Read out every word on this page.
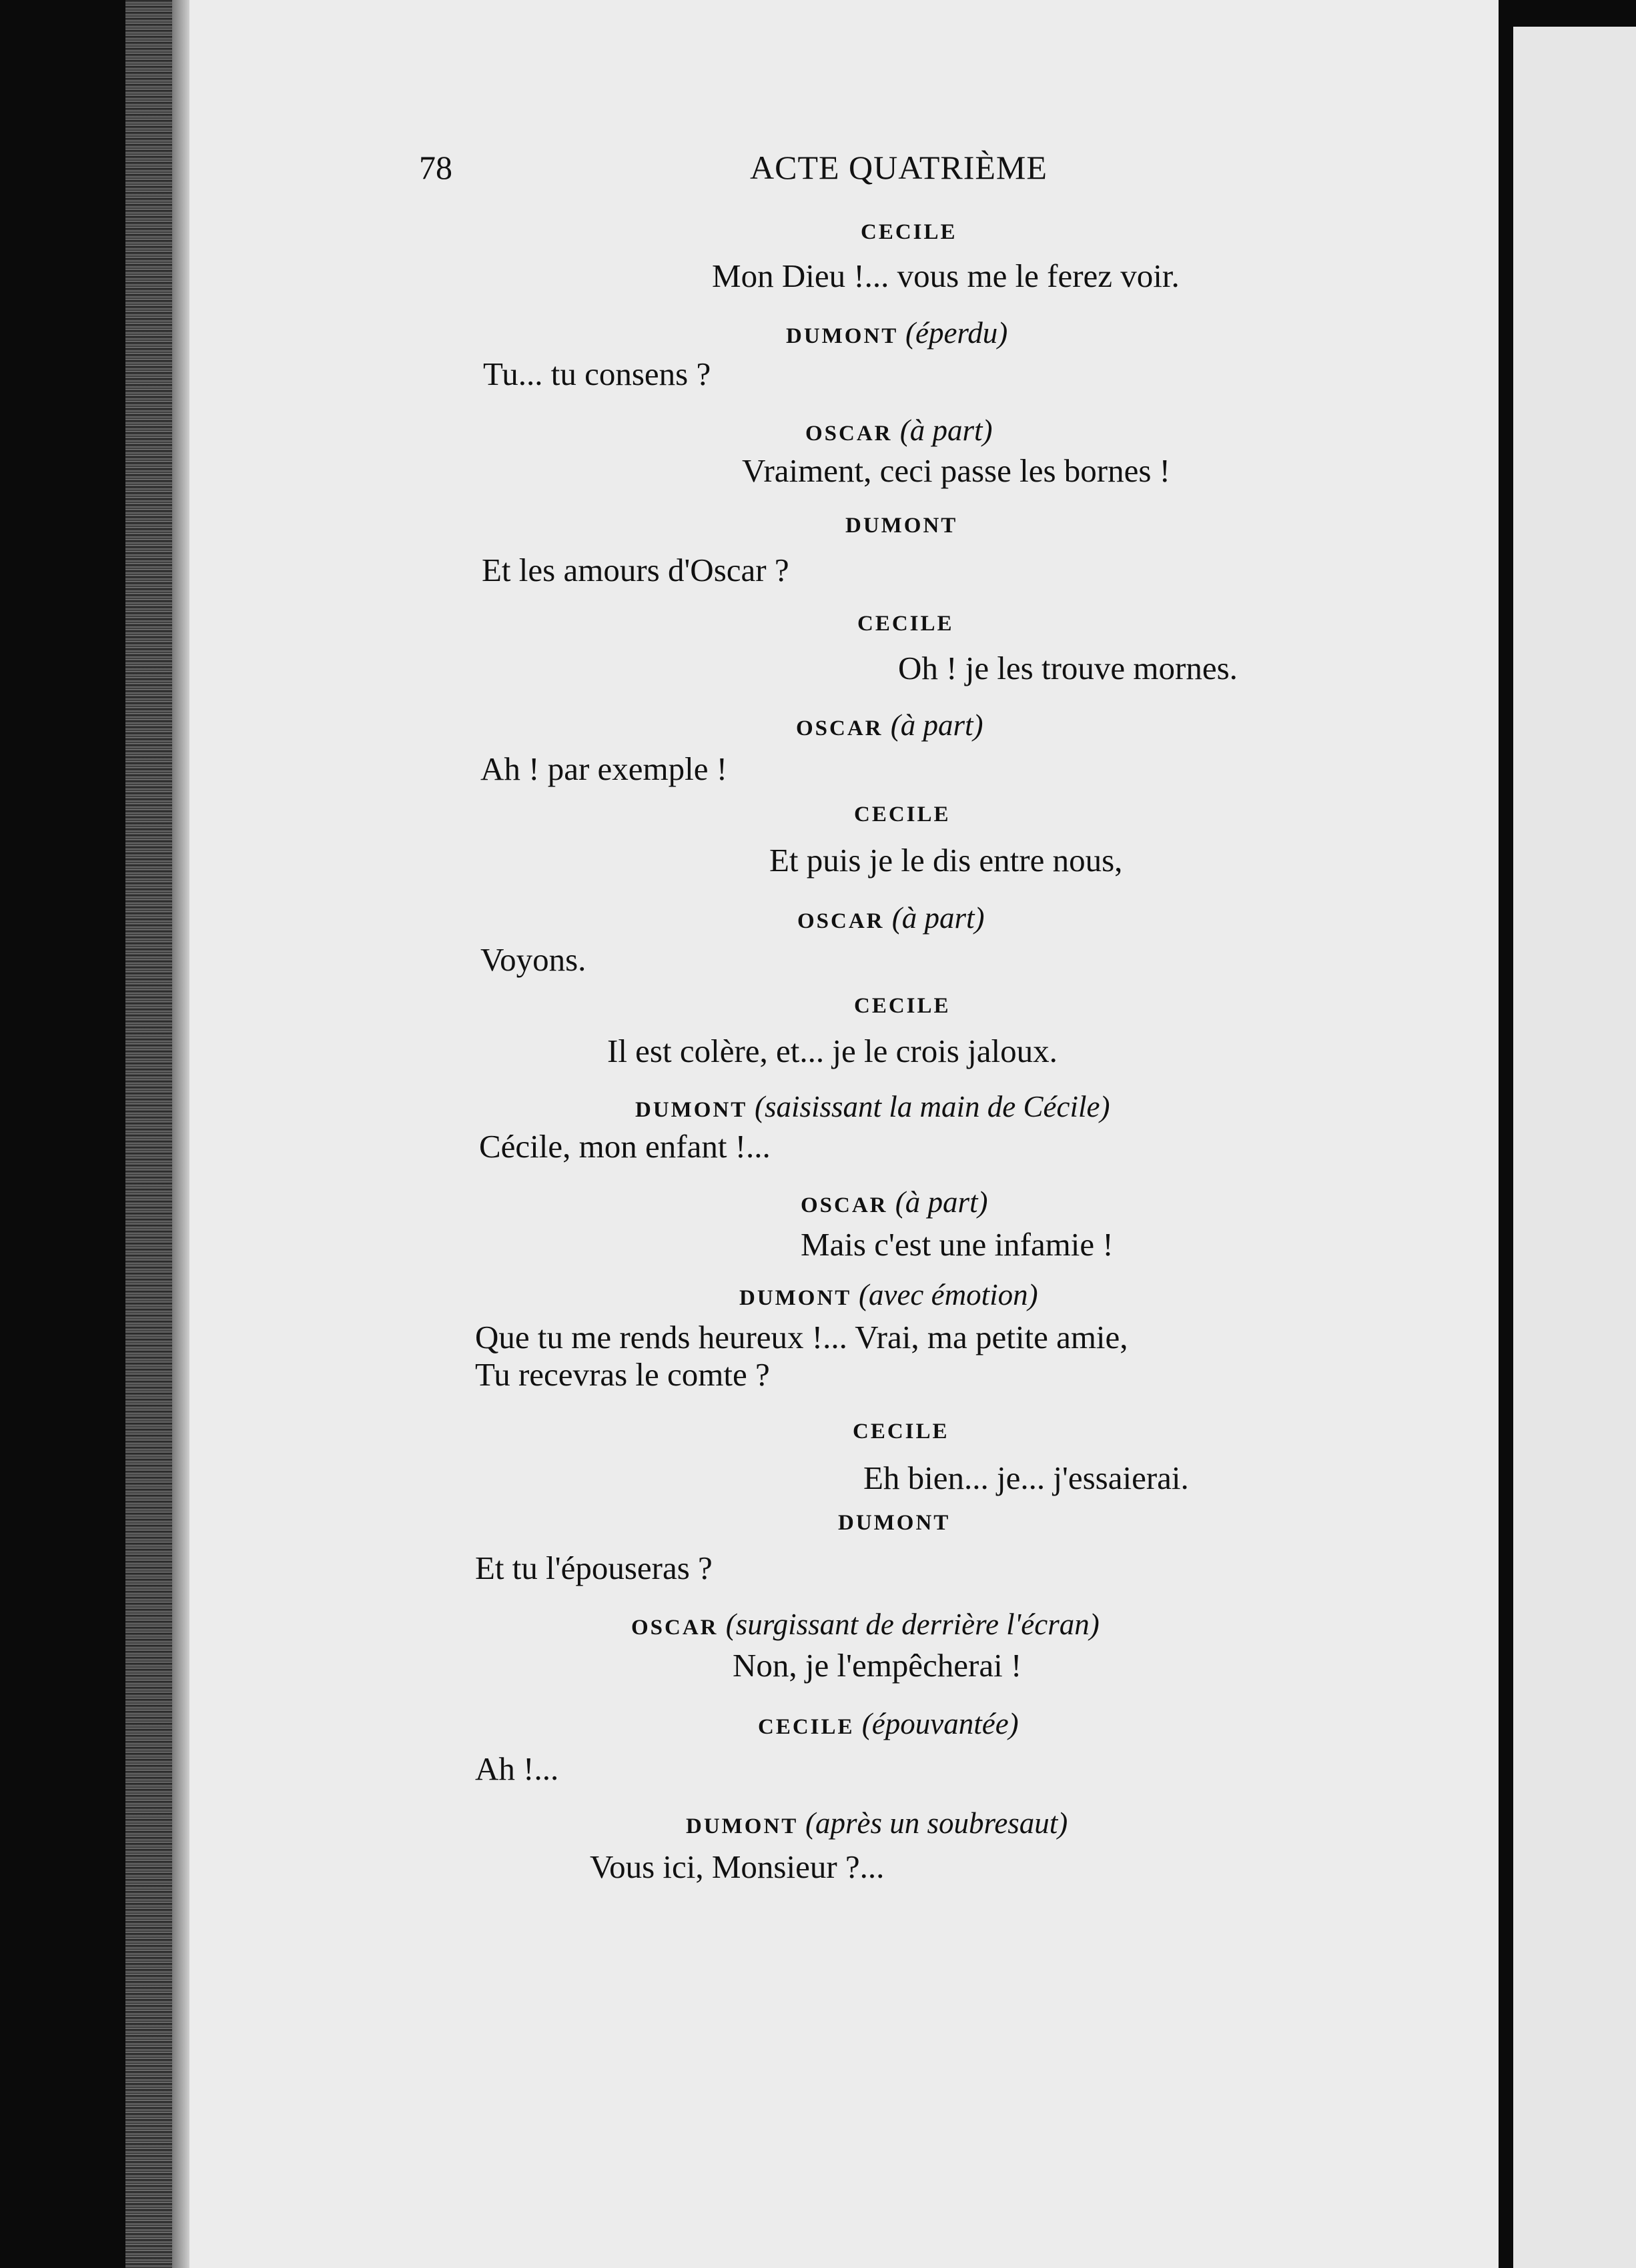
78	ACTE QUATRIÈME
CECILE
Mon Dieu !... vous me le ferez voir.
DUMONT (éperdu)
Tu... tu consens ?
OSCAR (à part)
Vraiment, ceci passe les bornes !
DUMONT
Et les amours d'Oscar ?
CECILE
Oh ! je les trouve mornes.
OSCAR (à part)
Ah ! par exemple !
CECILE
Et puis je le dis entre nous,
OSCAR (à part)
Voyons.
CECILE
Il est colère, et... je le crois jaloux.
DUMONT (saisissant la main de Cécile)
Cécile, mon enfant !...
OSCAR (à part)
Mais c'est une infamie !
DUMONT (avec émotion)
Que tu me rends heureux !... Vrai, ma petite amie,
Tu recevras le comte ?
CECILE
Eh bien... je... j'essaierai.
DUMONT
Et tu l'épouseras ?
OSCAR (surgissant de derrière l'écran)
Non, je l'empêcherai !
CECILE (épouvantée)
Ah !...
DUMONT (après un soubresaut)
Vous ici, Monsieur ?...
